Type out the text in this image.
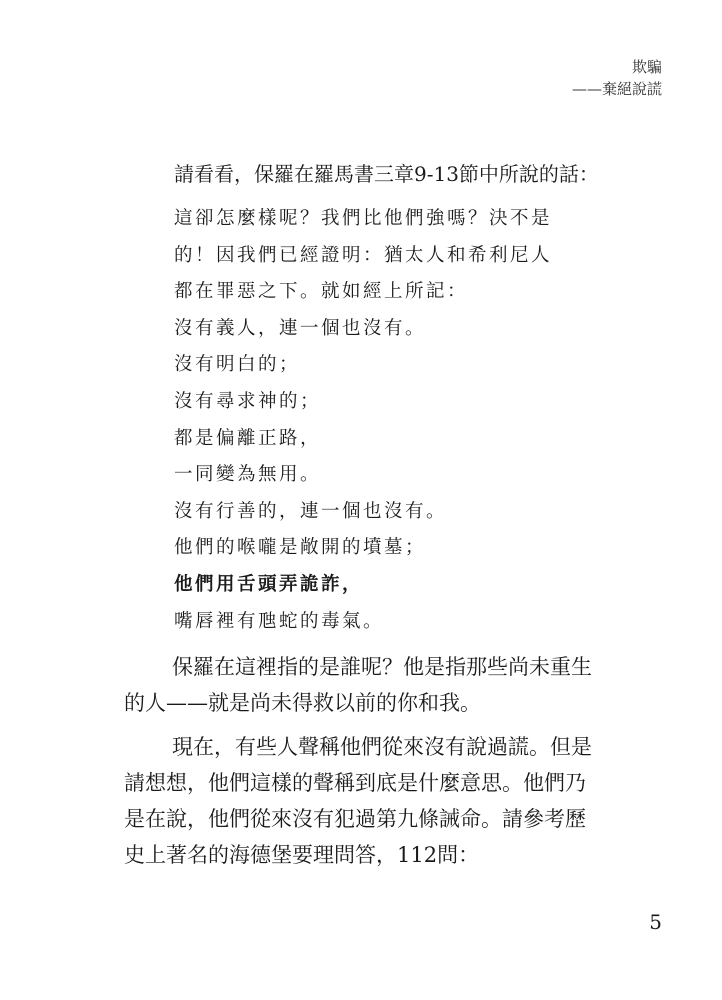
欺騙
——棄絕說謊
請看看，保羅在羅馬書三章9-13節中所說的話：
這卻怎麼樣呢？我們比他們強嗎？決不是
的！因我們已經證明：猶太人和希利尼人
都在罪惡之下。就如經上所記：
沒有義人，連一個也沒有。
沒有明白的；
沒有尋求神的；
都是偏離正路，
一同變為無用。
沒有行善的，連一個也沒有。
他們的喉嚨是敞開的墳墓；
他們用舌頭弄詭詐，
嘴唇裡有虺蛇的毒氣。

保羅在這裡指的是誰呢？他是指那些尚未重生
的人——就是尚未得救以前的你和我。

現在，有些人聲稱他們從來沒有說過謊。但是
請想想，他們這樣的聲稱到底是什麼意思。他們乃
是在說，他們從來沒有犯過第九條誡命。請參考歷
史上著名的海德堡要理問答，112問：

5
